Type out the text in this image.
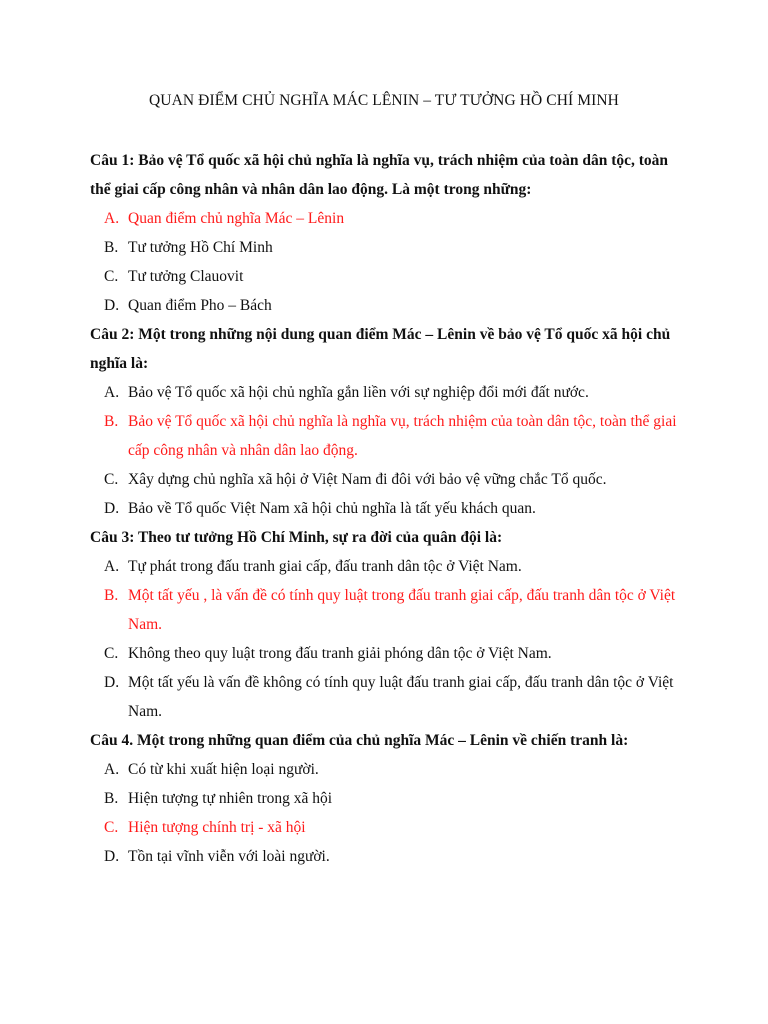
QUAN ĐIỂM CHỦ NGHĨA MÁC LÊNIN – TƯ TƯỞNG HỒ CHÍ MINH
Câu 1: Bảo vệ Tổ quốc xã hội chủ nghĩa là nghĩa vụ, trách nhiệm của toàn dân tộc, toàn thể giai cấp công nhân và nhân dân lao động. Là một trong những:
A. Quan điểm chủ nghĩa Mác – Lênin
B. Tư tưởng Hồ Chí Minh
C. Tư tưởng Clauovit
D. Quan điểm Pho – Bách
Câu 2: Một trong những nội dung quan điểm Mác – Lênin về bảo vệ Tổ quốc xã hội chủ nghĩa là:
A. Bảo vệ Tổ quốc xã hội chủ nghĩa gắn liền với sự nghiệp đổi mới đất nước.
B. Bảo vệ Tổ quốc xã hội chủ nghĩa là nghĩa vụ, trách nhiệm của toàn dân tộc, toàn thể giai cấp công nhân và nhân dân lao động.
C. Xây dựng chủ nghĩa xã hội ở Việt Nam đi đôi với bảo vệ vững chắc Tổ quốc.
D. Bảo về Tổ quốc Việt Nam xã hội chủ nghĩa là tất yếu khách quan.
Câu 3: Theo tư tưởng Hồ Chí Minh, sự ra đời của quân đội là:
A. Tự phát trong đấu tranh giai cấp, đấu tranh dân tộc ở Việt Nam.
B. Một tất yếu , là vấn đề có tính quy luật trong đấu tranh giai cấp, đấu tranh dân tộc ở Việt Nam.
C. Không theo quy luật trong đấu tranh giải phóng dân tộc ở Việt Nam.
D. Một tất yếu là vấn đề không có tính quy luật đấu tranh giai cấp, đấu tranh dân tộc ở Việt Nam.
Câu 4. Một trong những quan điểm của chủ nghĩa Mác – Lênin về chiến tranh là:
A. Có từ khi xuất hiện loại người.
B. Hiện tượng tự nhiên trong xã hội
C. Hiện tượng chính trị - xã hội
D. Tồn tại vĩnh viễn với loài người.
